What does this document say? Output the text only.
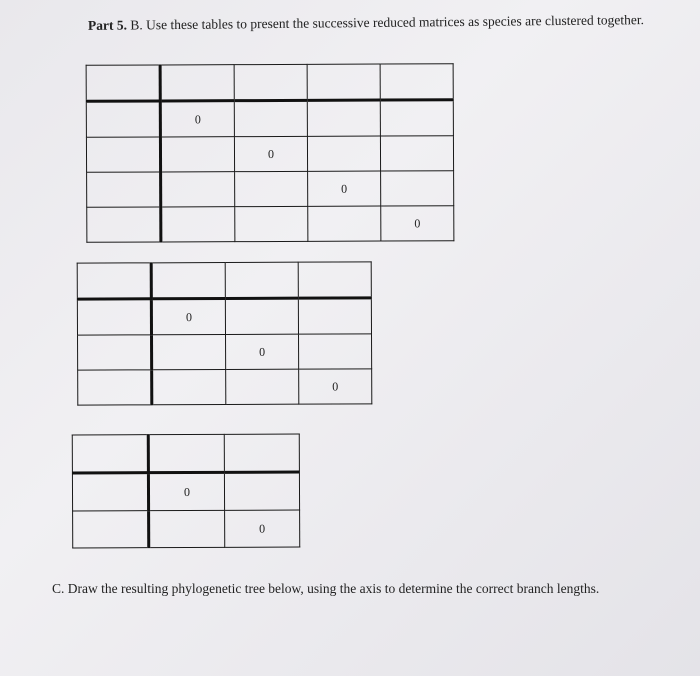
Part 5. B. Use these tables to present the successive reduced matrices as species are clustered together.

	0			
		0		
			0	
				0

	0		
		0	
			0

	0	
		0
C. Draw the resulting phylogenetic tree below, using the axis to determine the correct branch lengths.
